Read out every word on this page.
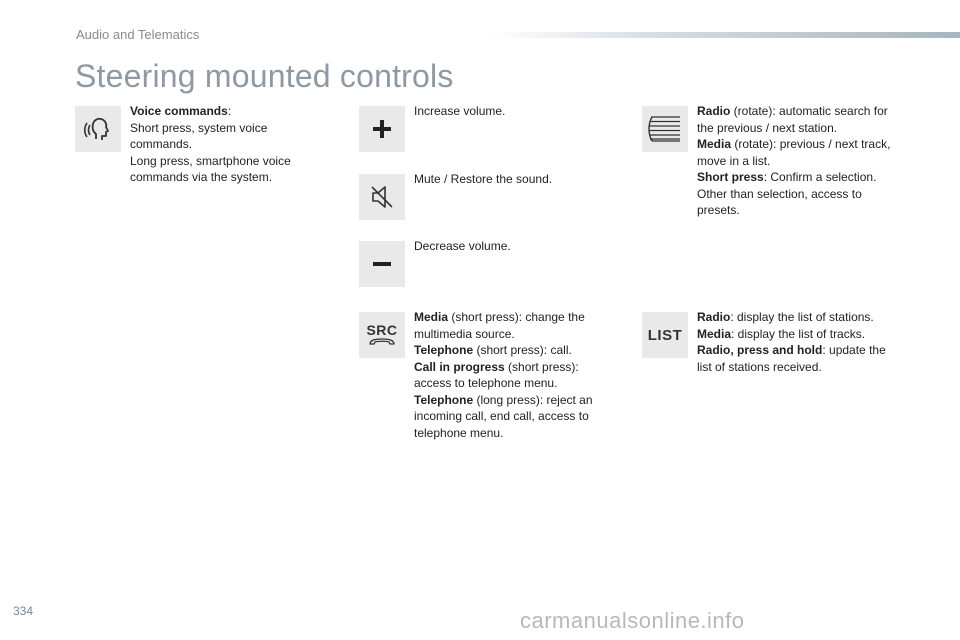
Audio and Telematics
Steering mounted controls
Voice commands:
Short press, system voice commands.
Long press, smartphone voice commands via the system.
Increase volume.
Mute / Restore the sound.
Decrease volume.
SRC
Media (short press): change the multimedia source.
Telephone (short press): call.
Call in progress (short press): access to telephone menu.
Telephone (long press): reject an incoming call, end call, access to telephone menu.
Radio (rotate): automatic search for the previous / next station.
Media (rotate): previous / next track, move in a list.
Short press: Confirm a selection. Other than selection, access to presets.
LIST
Radio: display the list of stations.
Media: display the list of tracks.
Radio, press and hold: update the list of stations received.
334	carmanualsonline.info
